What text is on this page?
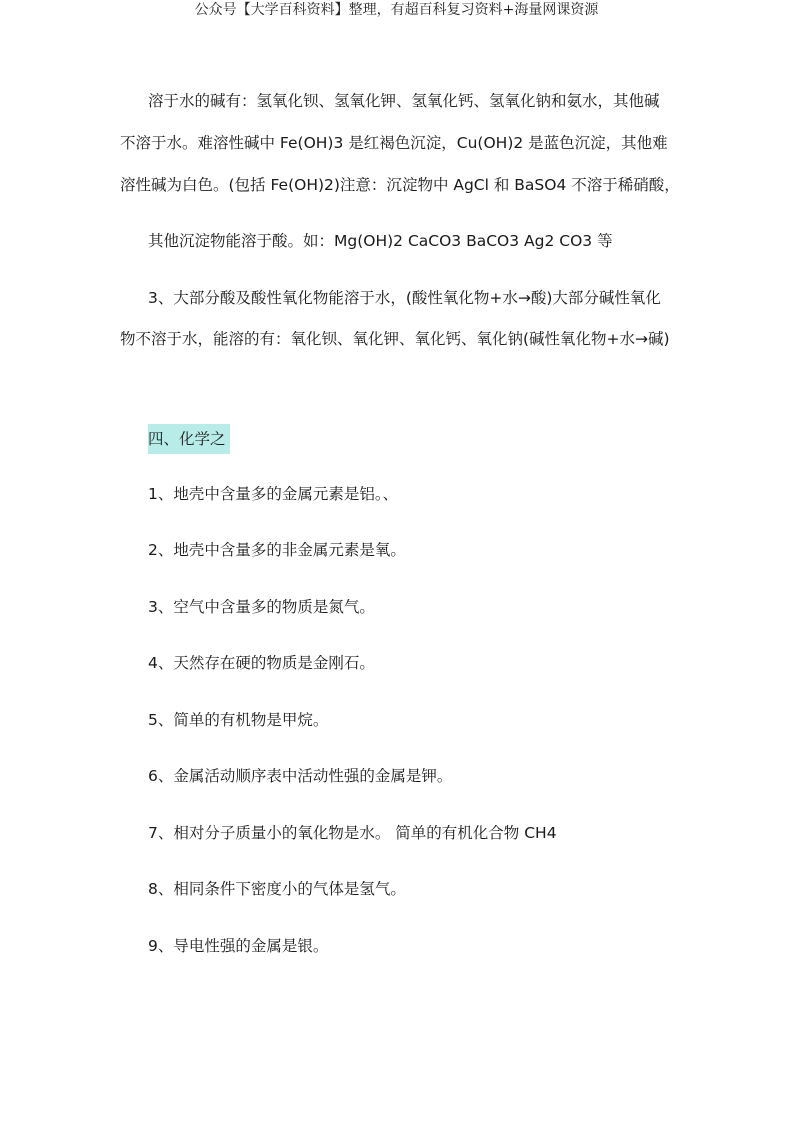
公众号【大学百科资料】整理，有超百科复习资料+海量网课资源
溶于水的碱有：氢氧化钡、氢氧化钾、氢氧化钙、氢氧化钠和氨水，其他碱
不溶于水。难溶性碱中 Fe(OH)3 是红褐色沉淀，Cu(OH)2 是蓝色沉淀，其他难
溶性碱为白色。(包括 Fe(OH)2)注意：沉淀物中 AgCl 和 BaSO4 不溶于稀硝酸，
其他沉淀物能溶于酸。如：Mg(OH)2 CaCO3 BaCO3 Ag2 CO3 等
3、大部分酸及酸性氧化物能溶于水，(酸性氧化物+水→酸)大部分碱性氧化
物不溶于水，能溶的有：氧化钡、氧化钾、氧化钙、氧化钠(碱性氧化物+水→碱)
四、化学之
1、地壳中含量多的金属元素是铝。、
2、地壳中含量多的非金属元素是氧。
3、空气中含量多的物质是氮气。
4、天然存在硬的物质是金刚石。
5、简单的有机物是甲烷。
6、金属活动顺序表中活动性强的金属是钾。
7、相对分子质量小的氧化物是水。 简单的有机化合物 CH4
8、相同条件下密度小的气体是氢气。
9、导电性强的金属是银。
